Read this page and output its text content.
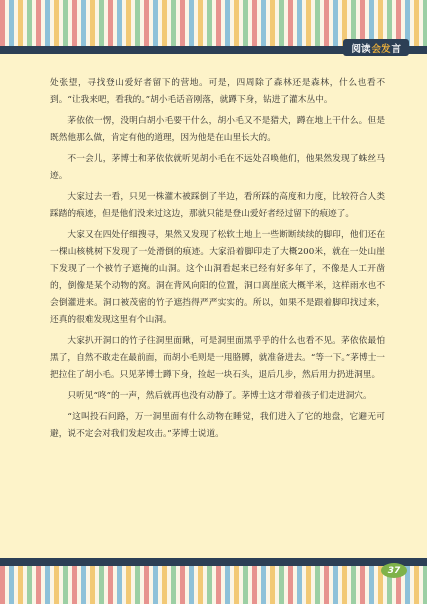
阅读 会发 言

处张望，寻找登山爱好者留下的营地。可是，四周除了森林还是森林，什么也看不到。“让我来吧，看我的。”胡小毛话音刚落，就蹲下身，钻进了灌木丛中。

茅依依一愣，没明白胡小毛要干什么，胡小毛又不是猎犬，蹲在地上干什么。但是既然他那么做，肯定有他的道理，因为他是在山里长大的。

不一会儿，茅博士和茅依依就听见胡小毛在不远处召唤他们，他果然发现了蛛丝马迹。

大家过去一看，只见一株灌木被踩倒了半边，看所踩的高度和力度，比较符合人类踩踏的痕迹，但是他们没来过这边，那就只能是登山爱好者经过留下的痕迹了。

大家又在四处仔细搜寻，果然又发现了松软土地上一些断断续续的脚印，他们还在一棵山核桃树下发现了一处滑倒的痕迹。大家沿着脚印走了大概200米，就在一处山崖下发现了一个被竹子遮掩的山洞。这个山洞看起来已经有好多年了，不像是人工开凿的，倒像是某个动物的窝。洞在背风向阳的位置，洞口离崖底大概半米，这样雨水也不会倒灌进来。洞口被茂密的竹子遮挡得严严实实的。所以，如果不是跟着脚印找过来，还真的很难发现这里有个山洞。

大家扒开洞口的竹子往洞里面瞅，可是洞里面黑乎乎的什么也看不见。茅依依最怕黑了，自然不敢走在最前面，而胡小毛则是一甩胳膊，就准备进去。“等一下。”茅博士一把拉住了胡小毛。只见茅博士蹲下身，捡起一块石头，退后几步，然后用力扔进洞里。

只听见“咚”的一声，然后就再也没有动静了。茅博士这才带着孩子们走进洞穴。

“这叫投石问路，万一洞里面有什么动物在睡觉，我们进入了它的地盘，它避无可避，说不定会对我们发起攻击。”茅博士说道。

37
